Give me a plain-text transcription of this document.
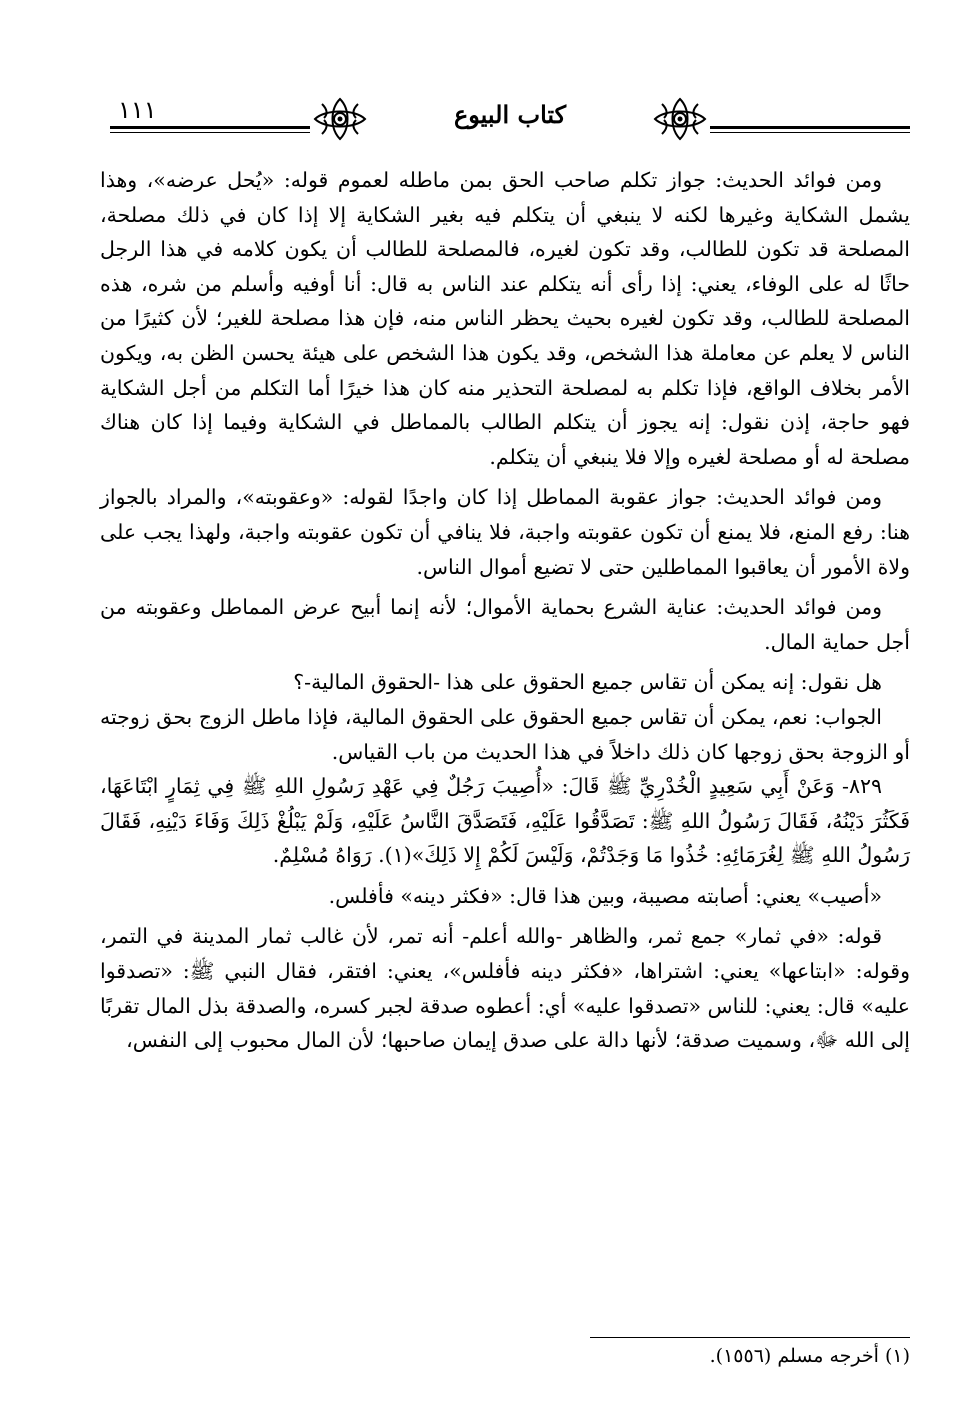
١١١	كتاب البيوع

ومن فوائد الحديث: جواز تكلم صاحب الحق بمن ماطله لعموم قوله: «يُحل عرضه»، وهذا يشمل الشكاية وغيرها لكنه لا ينبغي أن يتكلم فيه بغير الشكاية إلا إذا كان في ذلك مصلحة، المصلحة قد تكون للطالب، وقد تكون لغيره، فالمصلحة للطالب أن يكون كلامه في هذا الرجل حاثًا له على الوفاء، يعني: إذا رأى أنه يتكلم عند الناس به قال: أنا أوفيه وأسلم من شره، هذه المصلحة للطالب، وقد تكون لغيره بحيث يحظر الناس منه، فإن هذا مصلحة للغير؛ لأن كثيرًا من الناس لا يعلم عن معاملة هذا الشخص، وقد يكون هذا الشخص على هيئة يحسن الظن به، ويكون الأمر بخلاف الواقع، فإذا تكلم به لمصلحة التحذير منه كان هذا خيرًا أما التكلم من أجل الشكاية فهو حاجة، إذن نقول: إنه يجوز أن يتكلم الطالب بالمماطل في الشكاية وفيما إذا كان هناك مصلحة له أو مصلحة لغيره وإلا فلا ينبغي أن يتكلم.

ومن فوائد الحديث: جواز عقوبة المماطل إذا كان واجدًا لقوله: «وعقوبته»، والمراد بالجواز هنا: رفع المنع، فلا يمنع أن تكون عقوبته واجبة، فلا ينافي أن تكون عقوبته واجبة، ولهذا يجب على ولاة الأمور أن يعاقبوا المماطلين حتى لا تضيع أموال الناس.

ومن فوائد الحديث: عناية الشرع بحماية الأموال؛ لأنه إنما أبيح عرض المماطل وعقوبته من أجل حماية المال.

هل نقول: إنه يمكن أن تقاس جميع الحقوق على هذا -الحقوق المالية-؟

الجواب: نعم، يمكن أن تقاس جميع الحقوق على الحقوق المالية، فإذا ماطل الزوج بحق زوجته أو الزوجة بحق زوجها كان ذلك داخلاً في هذا الحديث من باب القياس.

٨٢٩- وَعَنْ أَبِي سَعِيدٍ الْخُدْرِيِّ ﷺ قَالَ: «أُصِيبَ رَجُلٌ فِي عَهْدِ رَسُولِ اللهِ ﷺ فِي ثِمَارٍ ابْتَاعَهَا، فَكَثُرَ دَيْنُهُ، فَقَالَ رَسُولُ اللهِ ﷺ: تَصَدَّقُوا عَلَيْهِ، فَتَصَدَّقَ النَّاسُ عَلَيْهِ، وَلَمْ يَبْلُغْ ذَلِكَ وَفَاءَ دَيْنِهِ، فَقَالَ رَسُولُ اللهِ ﷺ لِغُرَمَائِهِ: خُذُوا مَا وَجَدْتُمْ، وَلَيْسَ لَكُمْ إِلا ذَلِكَ»(١). رَوَاهُ مُسْلِمٌ.

«أصيب» يعني: أصابته مصيبة، وبين هذا قال: «فكثر دينه» فأفلس.

قوله: «في ثمار» جمع ثمر، والظاهر -والله أعلم- أنه تمر، لأن غالب ثمار المدينة في التمر، وقوله: «ابتاعها» يعني: اشتراها، «فكثر دينه فأفلس»، يعني: افتقر، فقال النبي ﷺ: «تصدقوا عليه» قال: يعني: للناس «تصدقوا عليه» أي: أعطوه صدقة لجبر كسره، والصدقة بذل المال تقربًا إلى الله ﷻ، وسميت صدقة؛ لأنها دالة على صدق إيمان صاحبها؛ لأن المال محبوب إلى النفس،

(١) أخرجه مسلم (١٥٥٦).
